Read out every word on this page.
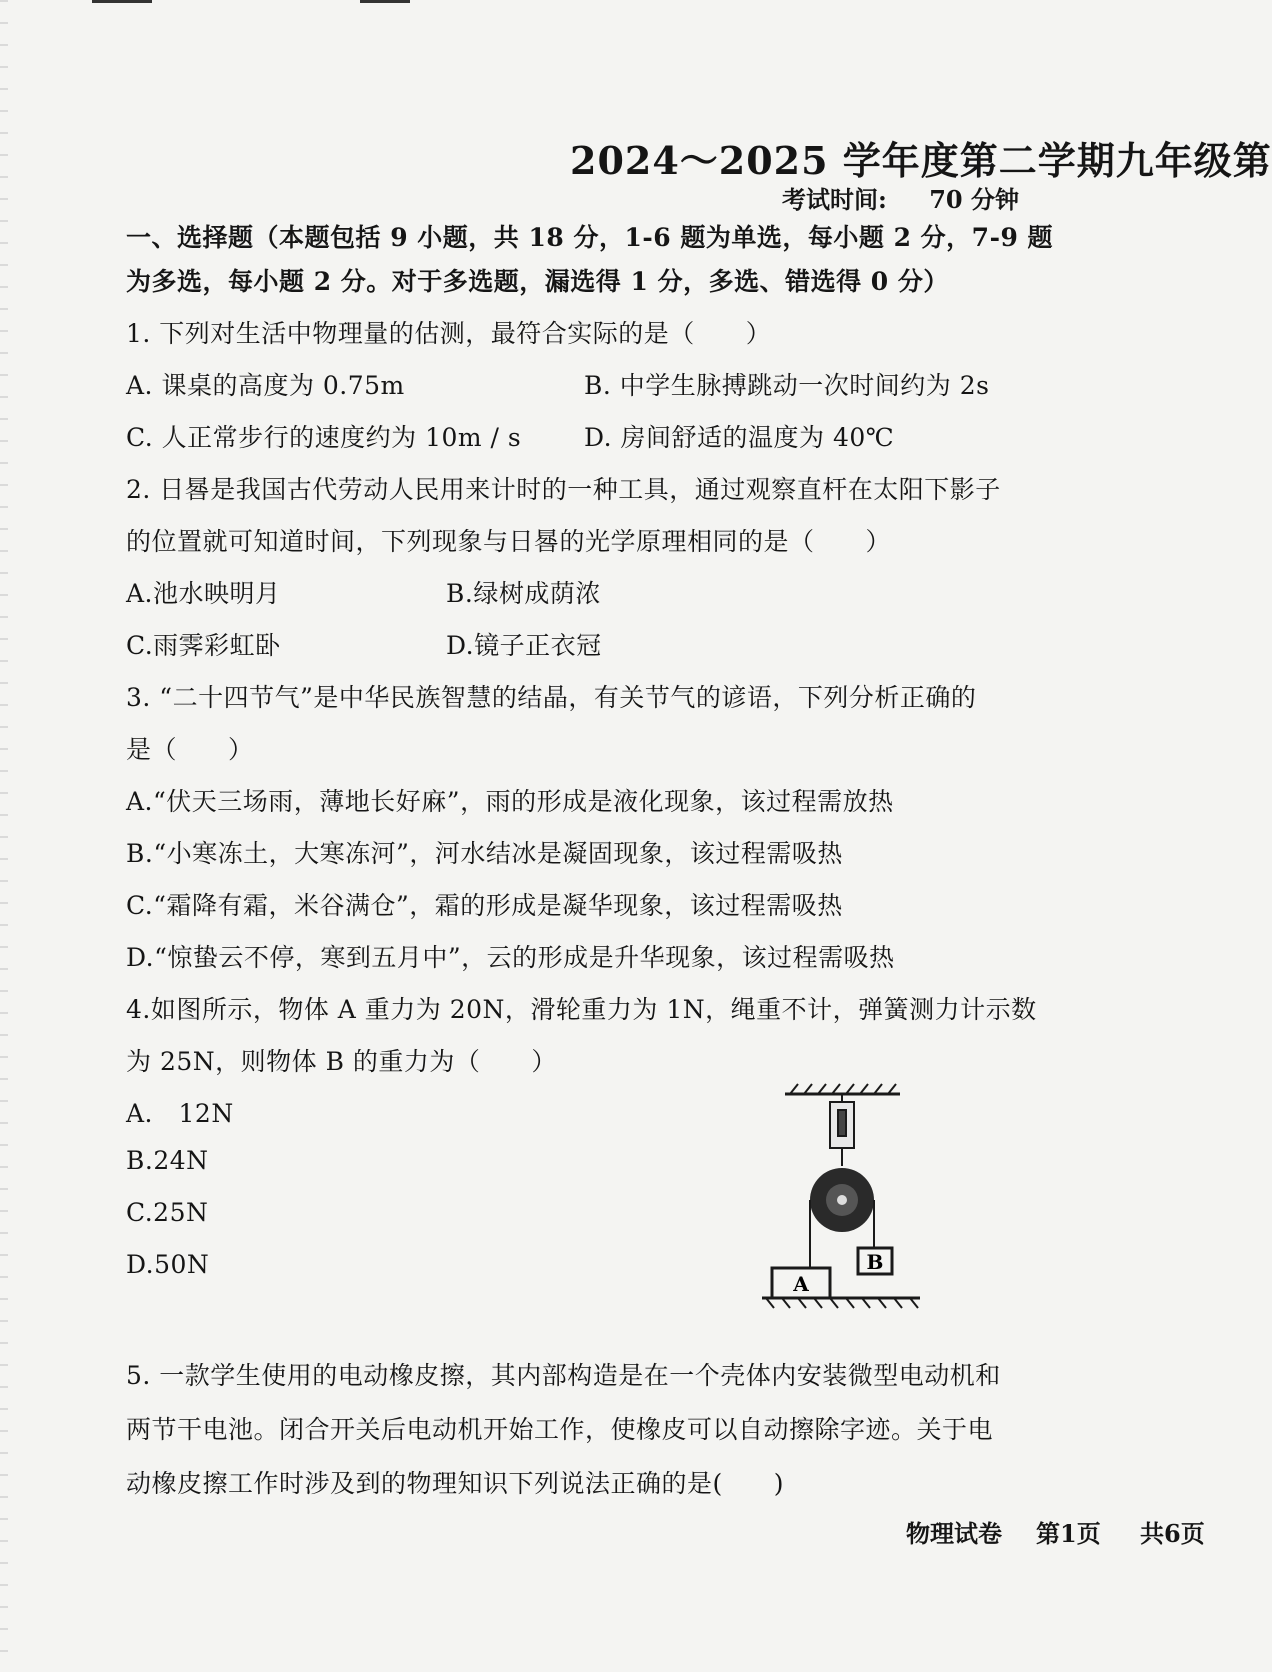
2024～2025 学年度第二学期九年级第
考试时间: 70 分钟
一、选择题（本题包括 9 小题，共 18 分，1-6 题为单选，每小题 2 分，7-9 题
为多选，每小题 2 分。对于多选题，漏选得 1 分，多选、错选得 0 分）
1. 下列对生活中物理量的估测，最符合实际的是（　　）
A. 课桌的高度为 0.75m	B. 中学生脉搏跳动一次时间约为 2s
C. 人正常步行的速度约为 10m / s	D. 房间舒适的温度为 40℃
2. 日晷是我国古代劳动人民用来计时的一种工具，通过观察直杆在太阳下影子
的位置就可知道时间，下列现象与日晷的光学原理相同的是（　　）
A.池水映明月	B.绿树成荫浓
C.雨霁彩虹卧	D.镜子正衣冠
3. “二十四节气”是中华民族智慧的结晶，有关节气的谚语，下列分析正确的
是（　　）
A.“伏天三场雨，薄地长好麻”，雨的形成是液化现象，该过程需放热
B.“小寒冻土，大寒冻河”，河水结冰是凝固现象，该过程需吸热
C.“霜降有霜，米谷满仓”，霜的形成是凝华现象，该过程需吸热
D.“惊蛰云不停，寒到五月中”，云的形成是升华现象，该过程需吸热
4.如图所示，物体 A 重力为 20N，滑轮重力为 1N，绳重不计，弹簧测力计示数
为 25N，则物体 B 的重力为（　　）
A.　12N
B.24N
C.25N
D.50N	B
A
5. 一款学生使用的电动橡皮擦，其内部构造是在一个壳体内安装微型电动机和
两节干电池。闭合开关后电动机开始工作，使橡皮可以自动擦除字迹。关于电
动橡皮擦工作时涉及到的物理知识下列说法正确的是(　　)
物理试卷 第1页 共6页
